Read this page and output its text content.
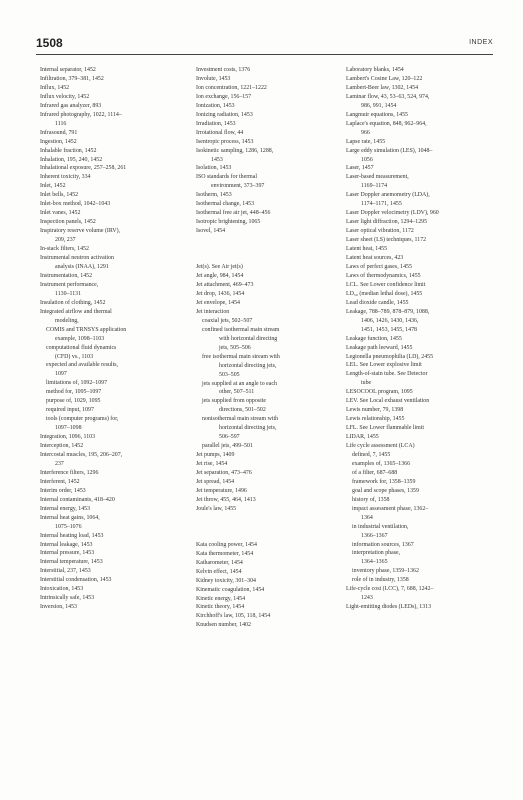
1508	INDEX
Internal separator, 1452
Infiltration, 379–381, 1452
Influx, 1452
Influx velocity, 1452
Infrared gas analyzer, 893
Infrared photography, 1022, 1114–
1116
Infrasound, 791
Ingestion, 1452
Inhalable fraction, 1452
Inhalation, 195, 240, 1452
Inhalational exposure, 257–258, 261
Inherent toxicity, 334
Inlet, 1452
Inlet bells, 1452
Inlet-box method, 1042–1043
Inlet vanes, 1452
Inspection panels, 1452
Inspiratory reserve volume (IRV),
209, 237
In-stack filters, 1452
Instrumental neutron activation
analysis (INAA), 1291
Instrumentation, 1452
Instrument performance,
1130–1131
Insulation of clothing, 1452
Integrated airflow and thermal
modeling,
COMIS and TRNSYS application
example, 1098–1103
computational fluid dynamics
(CFD) vs., 1103
expected and available results,
1097
limitations of, 1092–1097
method for, 1095–1097
purpose of, 1029, 1095
required input, 1097
tools (computer programs) for,
1097–1098
Integration, 1096, 1103
Interception, 1452
Intercostal muscles, 195, 206–207,
237
Interference filters, 1296
Interferent, 1452
Interim order, 1453
Internal contaminants, 418–420
Internal energy, 1453
Internal heat gains, 1064,
1075–1076
Internal heating load, 1453
Internal leakage, 1453
Internal pressure, 1453
Internal temperature, 1453
Interstitial, 237, 1453
Interstitial condensation, 1453
Intoxication, 1453
Intrinsically safe, 1453
Inversion, 1453
Investment costs, 1376
Involute, 1453
Ion concentration, 1221–1222
Ion exchange, 156–157
Ionization, 1453
Ionizing radiation, 1453
Irradiation, 1453
Irrotational flow, 44
Isentropic process, 1453
Isokinetic sampling, 1286, 1288,
1453
Isolation, 1453
ISO standards for thermal
environment, 373–397
Isotherm, 1453
Isothermal change, 1453
Isothermal free air jet, 448–456
Isotropic brightening, 1065
Isovel, 1454
Jet(s). See Air jet(s)
Jet angle, 984, 1454
Jet attachment, 469–473
Jet drop, 1436, 1454
Jet envelope, 1454
Jet interaction
coaxial jets, 502–507
confined isothermal main stream
with horizontal directing
jets, 505–506
free isothermal main stream with
horizontal directing jets,
503–505
jets supplied at an angle to each
other, 507–511
jets supplied from opposite
directions, 501–502
nonisothermal main stream with
horizontal directing jets,
506–597
parallel jets, 499–501
Jet pumps, 1409
Jet rise, 1454
Jet separation, 473–476
Jet spread, 1454
Jet temperature, 1496
Jet throw, 455, 464, 1413
Joule's law, 1455
Kata cooling power, 1454
Kata thermometer, 1454
Katharometer, 1454
Kelvin effect, 1454
Kidney toxicity, 301–304
Kinematic coagulation, 1454
Kinetic energy, 1454
Kinetic theory, 1454
Kirchhoff's law, 105, 118, 1454
Knudsen number, 1402
Laboratory blanks, 1454
Lambert's Cosine Law, 120–122
Lambert-Beer law, 1302, 1454
Laminar flow, 43, 53–63, 524, 974,
986, 991, 1454
Langmuir equations, 1455
Laplace's equation, 848, 962–964,
966
Lapse rate, 1455
Large eddy simulation (LES), 1048–
1056
Laser, 1457
Laser-based measurement,
1169–1174
Laser Doppler anemometry (LDA),
1174–1171, 1455
Laser Doppler velocimetry (LDV), 960
Laser light diffraction, 1294–1295
Laser optical vibration, 1172
Laser sheet (LS) techniques, 1172
Latent heat, 1455
Latent heat sources, 423
Laws of perfect gases, 1455
Laws of thermodynamics, 1455
LCL. See Lower confidence limit
LD₅₀ (median lethal dose), 1455
Lead dioxide candle, 1455
Leakage, 788–789, 878–879, 1088,
1406, 1426, 1430, 1436,
1451, 1453, 1455, 1478
Leakage function, 1455
Leakage path leeward, 1455
Legionella pneumophilia (LD), 2455
LEL. See Lower explosive limit
Length-of-stain tube. See Detector
tube
LESOCOOL program, 1095
LEV. See Local exhaust ventilation
Lewis number, 79, 1398
Lewis relationship, 1455
LFL. See Lower flammable limit
LIDAR, 1455
Life cycle assessment (LCA)
defined, 7, 1455
examples of, 1365–1366
of a filter, 687–688
framework for, 1358–1359
goal and scope phases, 1359
history of, 1358
impact assessment phase, 1362–
1364
in industrial ventilation,
1366–1367
information sources, 1367
interpretation phase,
1364–1365
inventory phase, 1359–1362
role of in industry, 1358
Life-cycle cost (LCC), 7, 688, 1242–
1243
Light-emitting diodes (LEDs), 1313
